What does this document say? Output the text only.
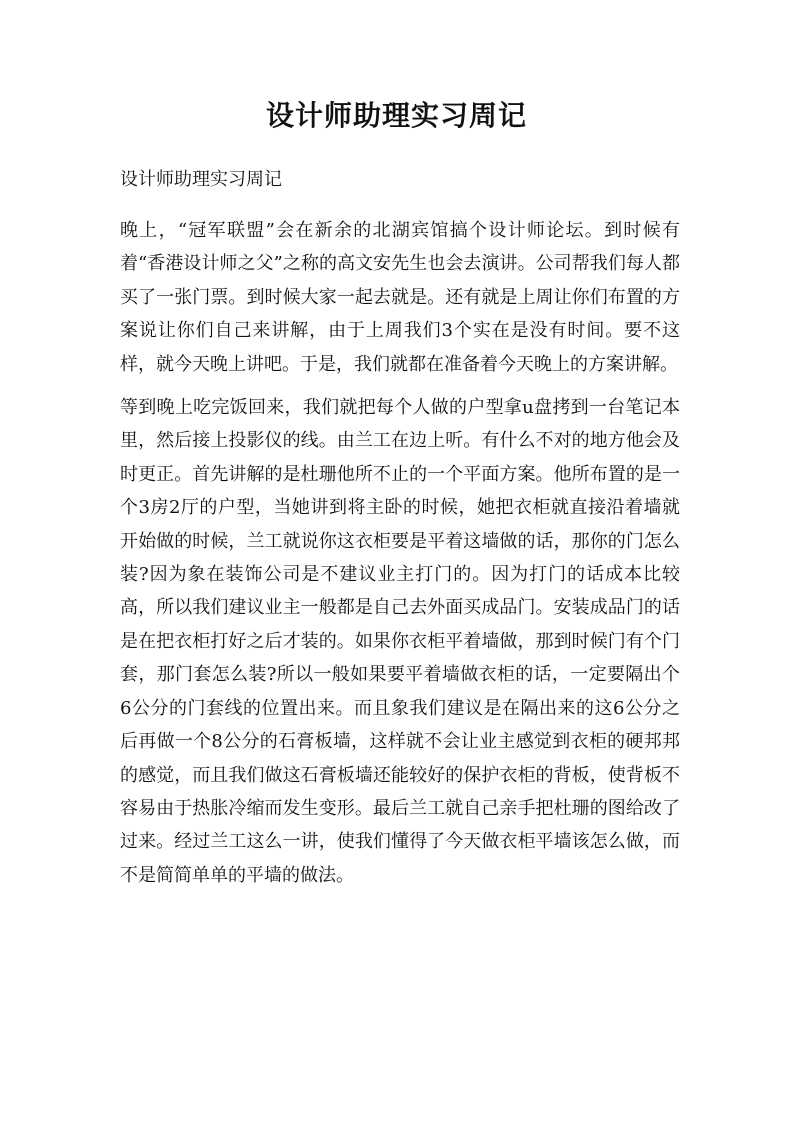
设计师助理实习周记

设计师助理实习周记

晚上，“冠军联盟”会在新余的北湖宾馆搞个设计师论坛。到时候有着“香港设计师之父”之称的高文安先生也会去演讲。公司帮我们每人都买了一张门票。到时候大家一起去就是。还有就是上周让你们布置的方案说让你们自己来讲解，由于上周我们3个实在是没有时间。要不这样，就今天晚上讲吧。于是，我们就都在准备着今天晚上的方案讲解。

等到晚上吃完饭回来，我们就把每个人做的户型拿u盘拷到一台笔记本里，然后接上投影仪的线。由兰工在边上听。有什么不对的地方他会及时更正。首先讲解的是杜珊他所不止的一个平面方案。他所布置的是一个3房2厅的户型，当她讲到将主卧的时候，她把衣柜就直接沿着墙就开始做的时候，兰工就说你这衣柜要是平着这墙做的话，那你的门怎么装?因为象在装饰公司是不建议业主打门的。因为打门的话成本比较高，所以我们建议业主一般都是自己去外面买成品门。安装成品门的话是在把衣柜打好之后才装的。如果你衣柜平着墙做，那到时候门有个门套，那门套怎么装?所以一般如果要平着墙做衣柜的话，一定要隔出个6公分的门套线的位置出来。而且象我们建议是在隔出来的这6公分之后再做一个8公分的石膏板墙，这样就不会让业主感觉到衣柜的硬邦邦的感觉，而且我们做这石膏板墙还能较好的保护衣柜的背板，使背板不容易由于热胀冷缩而发生变形。最后兰工就自己亲手把杜珊的图给改了过来。经过兰工这么一讲，使我们懂得了今天做衣柜平墙该怎么做，而不是简简单单的平墙的做法。
